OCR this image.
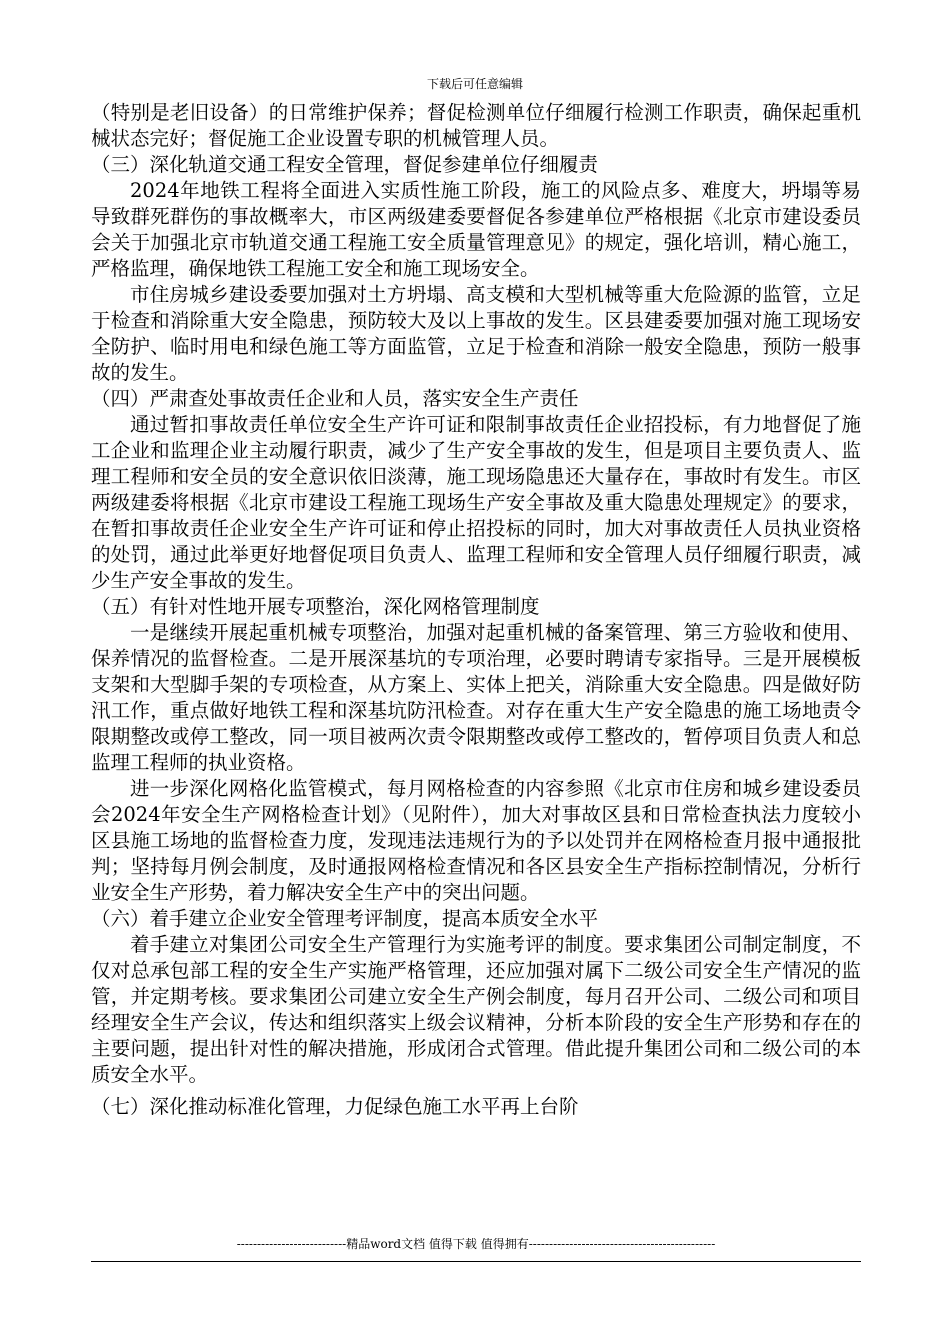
下载后可任意编辑

（特别是老旧设备）的日常维护保养；督促检测单位仔细履行检测工作职责，确保起重机械状态完好；督促施工企业设置专职的机械管理人员。

（三）深化轨道交通工程安全管理，督促参建单位仔细履责

2024年地铁工程将全面进入实质性施工阶段，施工的风险点多、难度大，坍塌等易导致群死群伤的事故概率大，市区两级建委要督促各参建单位严格根据《北京市建设委员会关于加强北京市轨道交通工程施工安全质量管理意见》的规定，强化培训，精心施工，严格监理，确保地铁工程施工安全和施工现场安全。

市住房城乡建设委要加强对土方坍塌、高支模和大型机械等重大危险源的监管，立足于检查和消除重大安全隐患，预防较大及以上事故的发生。区县建委要加强对施工现场安全防护、临时用电和绿色施工等方面监管，立足于检查和消除一般安全隐患，预防一般事故的发生。

（四）严肃查处事故责任企业和人员，落实安全生产责任

通过暂扣事故责任单位安全生产许可证和限制事故责任企业招投标，有力地督促了施工企业和监理企业主动履行职责，减少了生产安全事故的发生，但是项目主要负责人、监理工程师和安全员的安全意识依旧淡薄，施工现场隐患还大量存在，事故时有发生。市区两级建委将根据《北京市建设工程施工现场生产安全事故及重大隐患处理规定》的要求，在暂扣事故责任企业安全生产许可证和停止招投标的同时，加大对事故责任人员执业资格的处罚，通过此举更好地督促项目负责人、监理工程师和安全管理人员仔细履行职责，减少生产安全事故的发生。

（五）有针对性地开展专项整治，深化网格管理制度

一是继续开展起重机械专项整治，加强对起重机械的备案管理、第三方验收和使用、保养情况的监督检查。二是开展深基坑的专项治理，必要时聘请专家指导。三是开展模板支架和大型脚手架的专项检查，从方案上、实体上把关，消除重大安全隐患。四是做好防汛工作，重点做好地铁工程和深基坑防汛检查。对存在重大生产安全隐患的施工场地责令限期整改或停工整改，同一项目被两次责令限期整改或停工整改的，暂停项目负责人和总监理工程师的执业资格。

进一步深化网格化监管模式，每月网格检查的内容参照《北京市住房和城乡建设委员会2024年安全生产网格检查计划》（见附件），加大对事故区县和日常检查执法力度较小区县施工场地的监督检查力度，发现违法违规行为的予以处罚并在网格检查月报中通报批判；坚持每月例会制度，及时通报网格检查情况和各区县安全生产指标控制情况，分析行业安全生产形势，着力解决安全生产中的突出问题。

（六）着手建立企业安全管理考评制度，提高本质安全水平

着手建立对集团公司安全生产管理行为实施考评的制度。要求集团公司制定制度，不仅对总承包部工程的安全生产实施严格管理，还应加强对属下二级公司安全生产情况的监管，并定期考核。要求集团公司建立安全生产例会制度，每月召开公司、二级公司和项目经理安全生产会议，传达和组织落实上级会议精神，分析本阶段的安全生产形势和存在的主要问题，提出针对性的解决措施，形成闭合式管理。借此提升集团公司和二级公司的本质安全水平。

（七）深化推动标准化管理，力促绿色施工水平再上台阶

---------------------------精品word文档 值得下载 值得拥有----------------------------------------------
